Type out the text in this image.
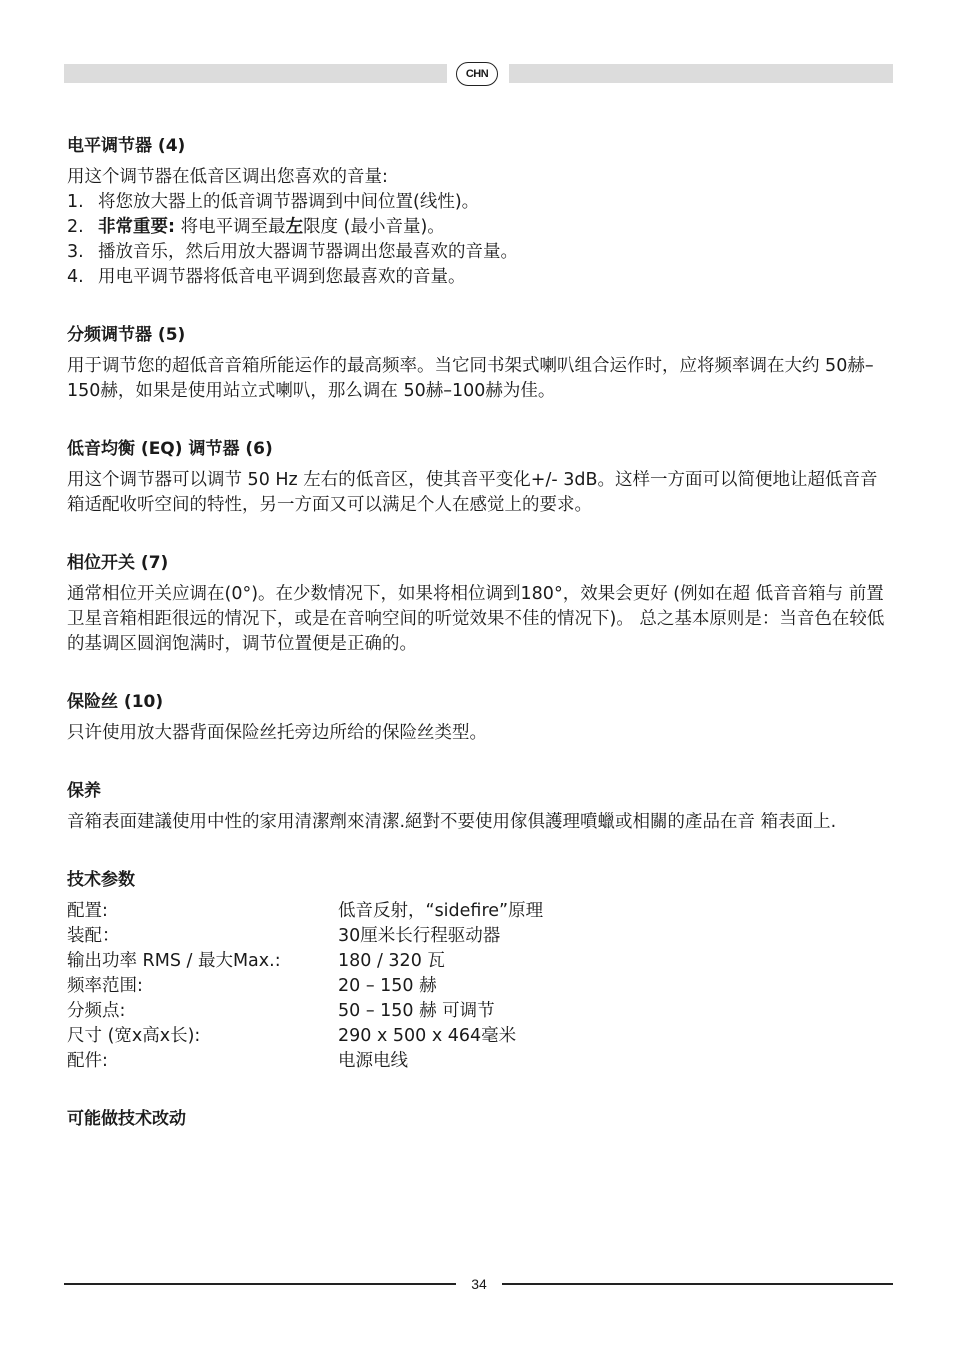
CHN
电平调节器 (4)

用这个调节器在低音区调出您喜欢的音量:

1. 将您放大器上的低音调节器调到中间位置(线性)。
2. 非常重要: 将电平调至最左限度 (最小音量)。
3. 播放音乐，然后用放大器调节器调出您最喜欢的音量。
4. 用电平调节器将低音电平调到您最喜欢的音量。
分频调节器 (5)

用于调节您的超低音音箱所能运作的最高频率。当它同书架式喇叭组合运作时，应将频率调在大约 50赫–150赫，如果是使用站立式喇叭，那么调在 50赫–100赫为佳。

低音均衡 (EQ) 调节器 (6)

用这个调节器可以调节 50 Hz 左右的低音区，使其音平变化+/- 3dB。这样一方面可以简便地让超低音音箱适配收听空间的特性，另一方面又可以满足个人在感觉上的要求。

相位开关 (7)

通常相位开关应调在(0°)。在少数情况下，如果将相位调到180°，效果会更好 (例如在超 低音音箱与 前置卫星音箱相距很远的情况下，或是在音响空间的听觉效果不佳的情况下)。 总之基本原则是：当音色在较低的基调区圆润饱满时，调节位置便是正确的。

保险丝 (10)

只许使用放大器背面保险丝托旁边所给的保险丝类型。

保养

音箱表面建議使用中性的家用清潔劑來清潔.絕對不要使用傢俱護理噴蠟或相關的產品在音 箱表面上.

技术参数
配置:	低音反射，“sidefire”原理
装配：	30厘米长行程驱动器
输出功率 RMS / 最大Max.:	180 / 320 瓦
频率范围:	20 – 150 赫
分频点:	50 – 150 赫 可调节
尺寸 (宽x高x长):	290 x 500 x 464毫米
配件:	电源电线
可能做技术改动
34
